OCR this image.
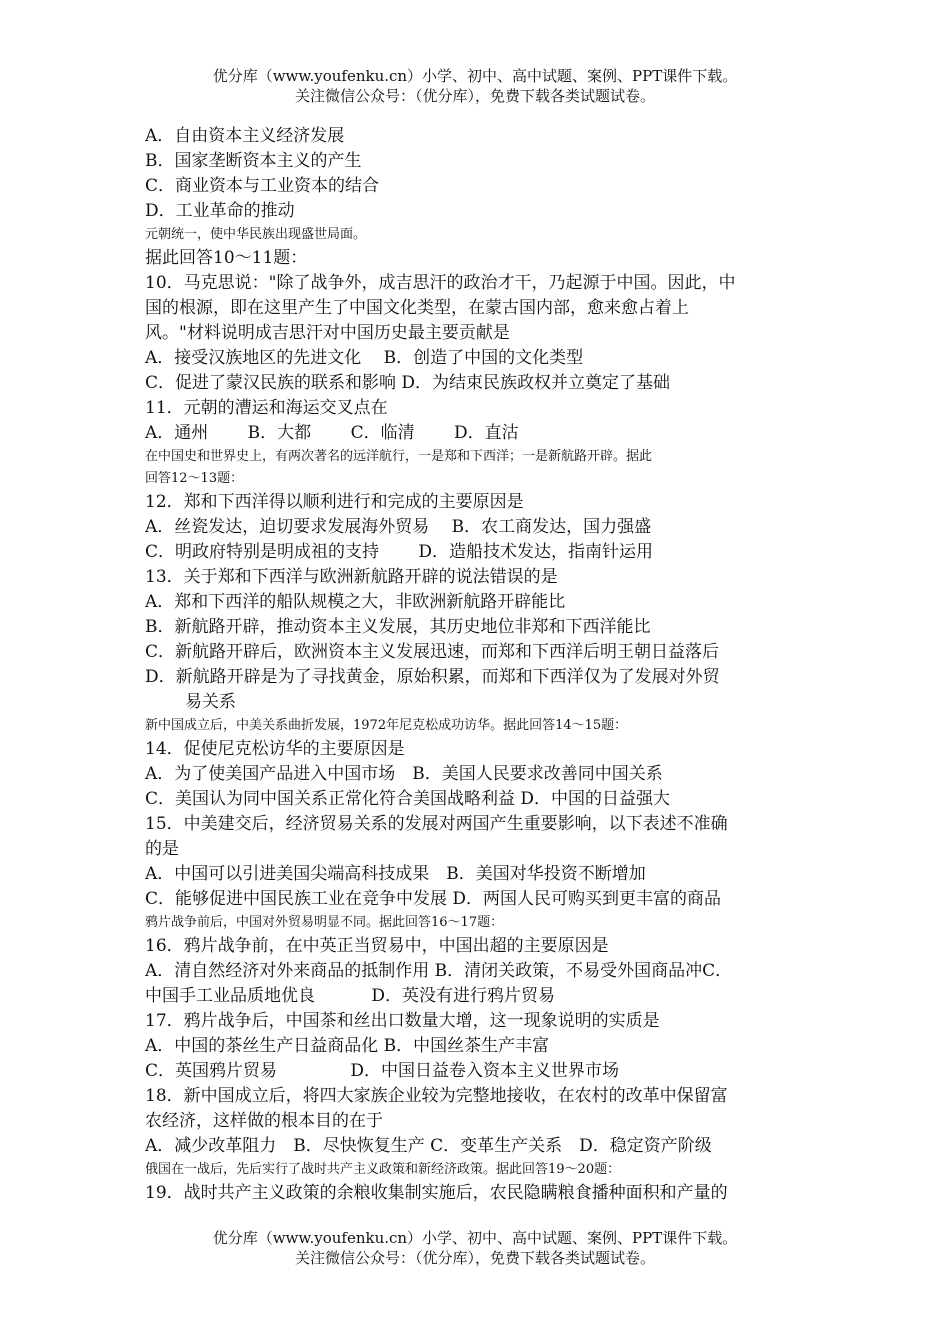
优分库（www.youfenku.cn）小学、初中、高中试题、案例、PPT课件下载。
关注微信公众号：（优分库），免费下载各类试题试卷。
A．自由资本主义经济发展
B．国家垄断资本主义的产生
C．商业资本与工业资本的结合
D．工业革命的推动
元朝统一，使中华民族出现盛世局面。
据此回答10～11题：
10．马克思说："除了战争外，成吉思汗的政治才干，乃起源于中国。因此，中
国的根源，即在这里产生了中国文化类型，在蒙古国内部，愈来愈占着上
风。"材料说明成吉思汗对中国历史最主要贡献是
A．接受汉族地区的先进文化　 B．创造了中国的文化类型
C．促进了蒙汉民族的联系和影响 D．为结束民族政权并立奠定了基础
11．元朝的漕运和海运交叉点在
A．通州　　 B．大都　　 C．临清　　 D．直沽
在中国史和世界史上，有两次著名的远洋航行，一是郑和下西洋；一是新航路开辟。据此
回答12～13题：
12．郑和下西洋得以顺利进行和完成的主要原因是
A．丝瓷发达，迫切要求发展海外贸易　 B．农工商发达，国力强盛
C．明政府特别是明成祖的支持　　 D．造船技术发达，指南针运用
13．关于郑和下西洋与欧洲新航路开辟的说法错误的是
A．郑和下西洋的船队规模之大，非欧洲新航路开辟能比
B．新航路开辟，推动资本主义发展，其历史地位非郑和下西洋能比
C．新航路开辟后，欧洲资本主义发展迅速，而郑和下西洋后明王朝日益落后
D．新航路开辟是为了寻找黄金，原始积累，而郑和下西洋仅为了发展对外贸
易关系
新中国成立后，中美关系曲折发展，1972年尼克松成功访华。据此回答14～15题：
14．促使尼克松访华的主要原因是
A．为了使美国产品进入中国市场　B．美国人民要求改善同中国关系
C．美国认为同中国关系正常化符合美国战略利益 D．中国的日益强大
15．中美建交后，经济贸易关系的发展对两国产生重要影响，以下表述不准确
的是
A．中国可以引进美国尖端高科技成果　B．美国对华投资不断增加
C．能够促进中国民族工业在竞争中发展 D．两国人民可购买到更丰富的商品
鸦片战争前后，中国对外贸易明显不同。据此回答16～17题：
16．鸦片战争前，在中英正当贸易中，中国出超的主要原因是
A．清自然经济对外来商品的抵制作用 B．清闭关政策，不易受外国商品冲C．
中国手工业品质地优良　　　 D．英没有进行鸦片贸易
17．鸦片战争后，中国茶和丝出口数量大增，这一现象说明的实质是
A．中国的茶丝生产日益商品化 B．中国丝茶生产丰富
C．英国鸦片贸易　　　　 D．中国日益卷入资本主义世界市场
18．新中国成立后，将四大家族企业较为完整地接收，在农村的改革中保留富
农经济，这样做的根本目的在于
A．减少改革阻力　B．尽快恢复生产 C．变革生产关系　D．稳定资产阶级
俄国在一战后，先后实行了战时共产主义政策和新经济政策。据此回答19～20题：
19．战时共产主义政策的余粮收集制实施后，农民隐瞒粮食播种面积和产量的
优分库（www.youfenku.cn）小学、初中、高中试题、案例、PPT课件下载。
关注微信公众号：（优分库），免费下载各类试题试卷。
